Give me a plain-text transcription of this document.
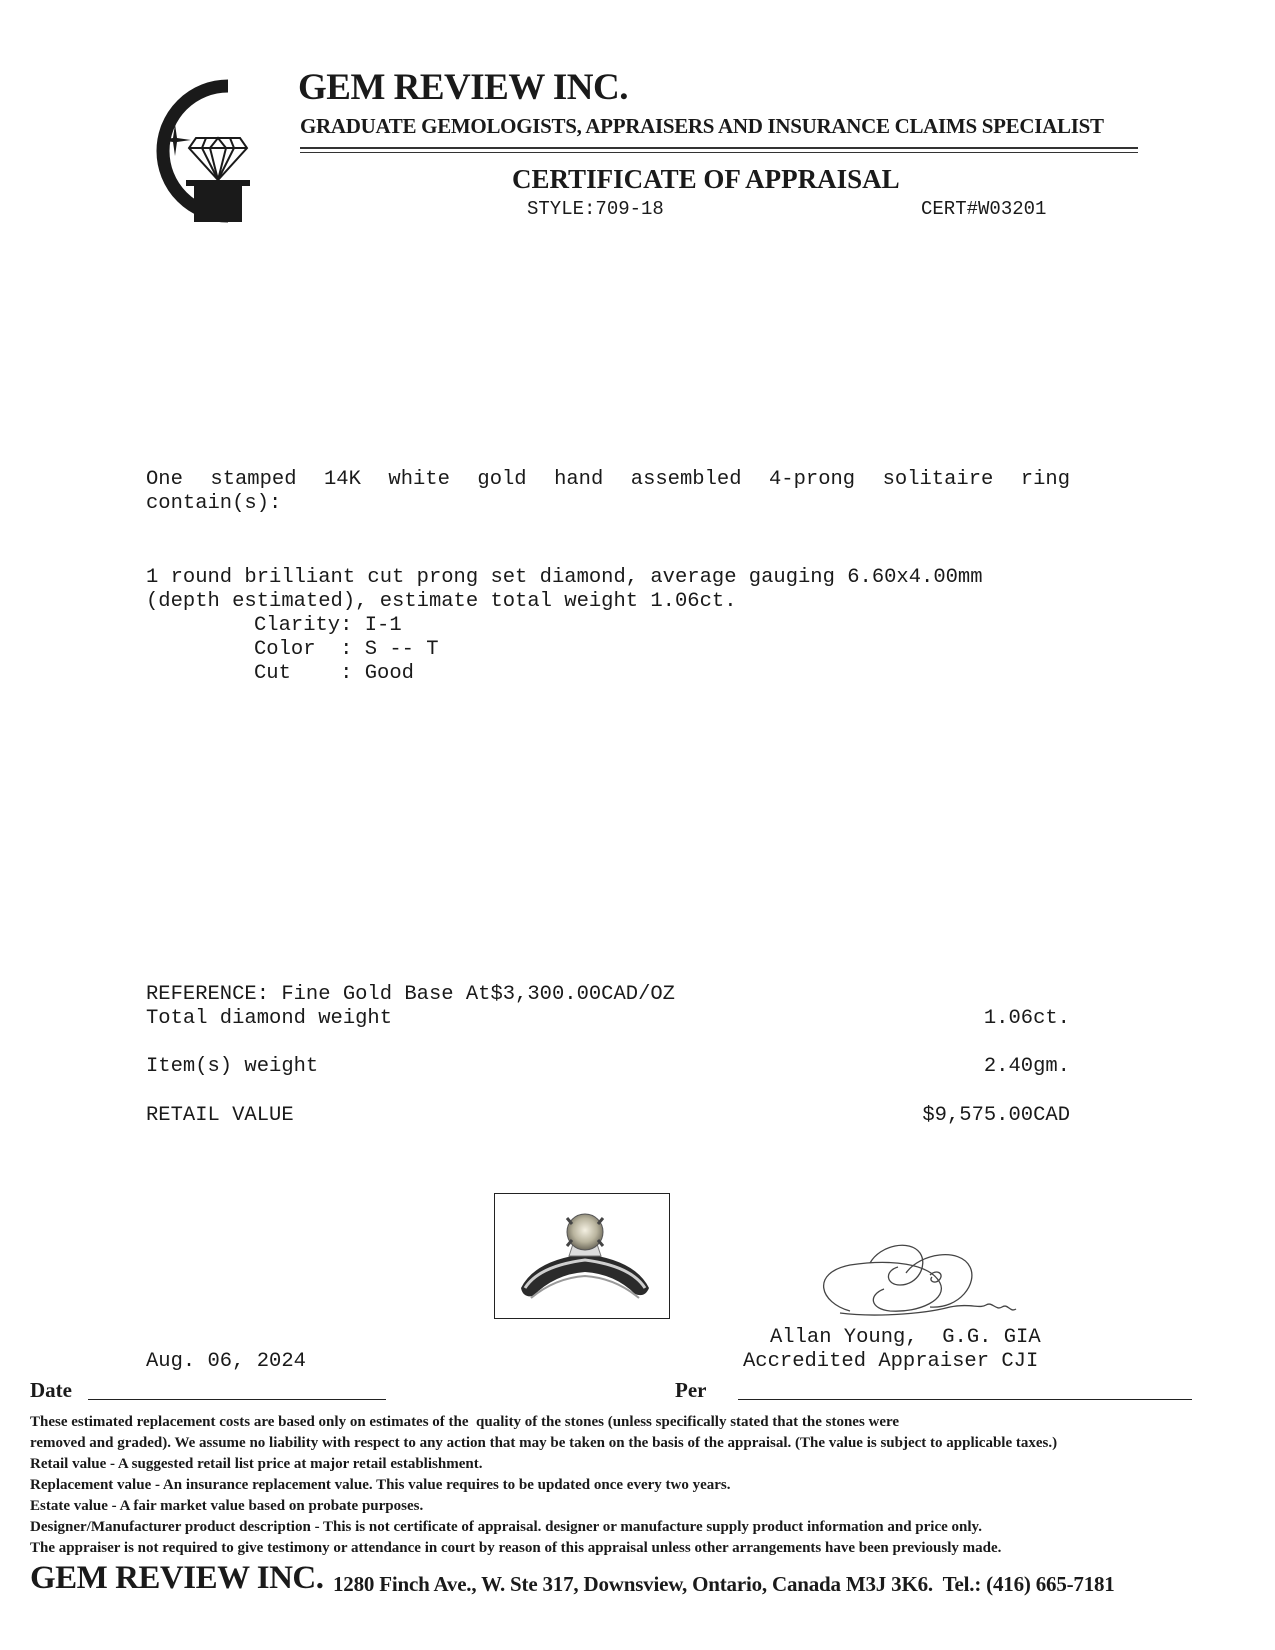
GEM REVIEW INC.
GRADUATE GEMOLOGISTS, APPRAISERS AND INSURANCE CLAIMS SPECIALIST
CERTIFICATE OF APPRAISAL
STYLE:709-18	CERT#W03201
One stamped 14K white gold hand assembled 4-prong solitaire ring
contain(s):
1 round brilliant cut prong set diamond, average gauging 6.60x4.00mm
(depth estimated), estimate total weight 1.06ct.
Clarity: I-1
Color  : S -- T
Cut    : Good
REFERENCE: Fine Gold Base At$3,300.00CAD/OZ
Total diamond weight	1.06ct.
Item(s) weight	2.40gm.
RETAIL VALUE	$9,575.00CAD
Allan Young,  G.G. GIA
Accredited Appraiser CJI
Aug. 06, 2024
Date	Per
These estimated replacement costs are based only on estimates of the  quality of the stones (unless specifically stated that the stones were
removed and graded). We assume no liability with respect to any action that may be taken on the basis of the appraisal. (The value is subject to applicable taxes.)
Retail value - A suggested retail list price at major retail establishment.
Replacement value - An insurance replacement value. This value requires to be updated once every two years.
Estate value - A fair market value based on probate purposes.
Designer/Manufacturer product description - This is not certificate of appraisal. designer or manufacture supply product information and price only.
The appraiser is not required to give testimony or attendance in court by reason of this appraisal unless other arrangements have been previously made.
GEM REVIEW INC. 1280 Finch Ave., W. Ste 317, Downsview, Ontario, Canada M3J 3K6.  Tel.: (416) 665-7181
